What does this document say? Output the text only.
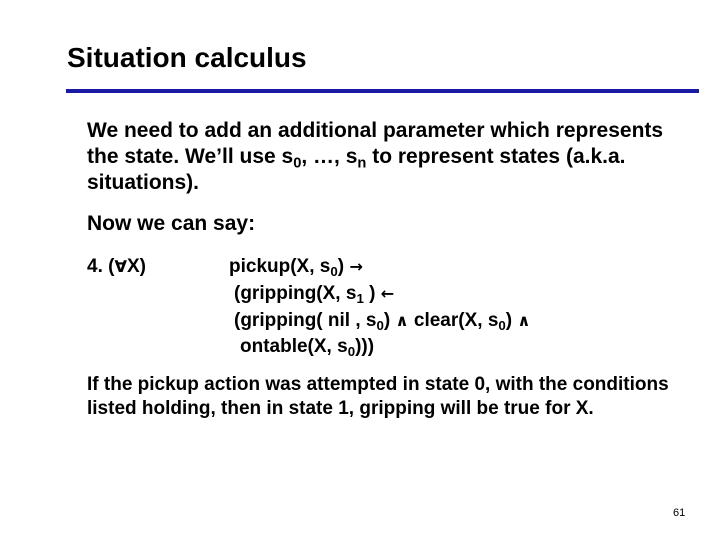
Situation calculus

We need to add an additional parameter which represents the state. We’ll use $s_0$, …, $s_n$ to represent states (a.k.a. situations).

Now we can say:

4. (∀X)	pickup(X, $s_0$) →
(gripping(X, $s_1$ ) ←
(gripping( nil , $s_0$) ∧ clear(X, $s_0$) ∧
ontable(X, $s_0$)))

If the pickup action was attempted in state 0, with the conditions listed holding, then in state 1, gripping will be true for X.

61
